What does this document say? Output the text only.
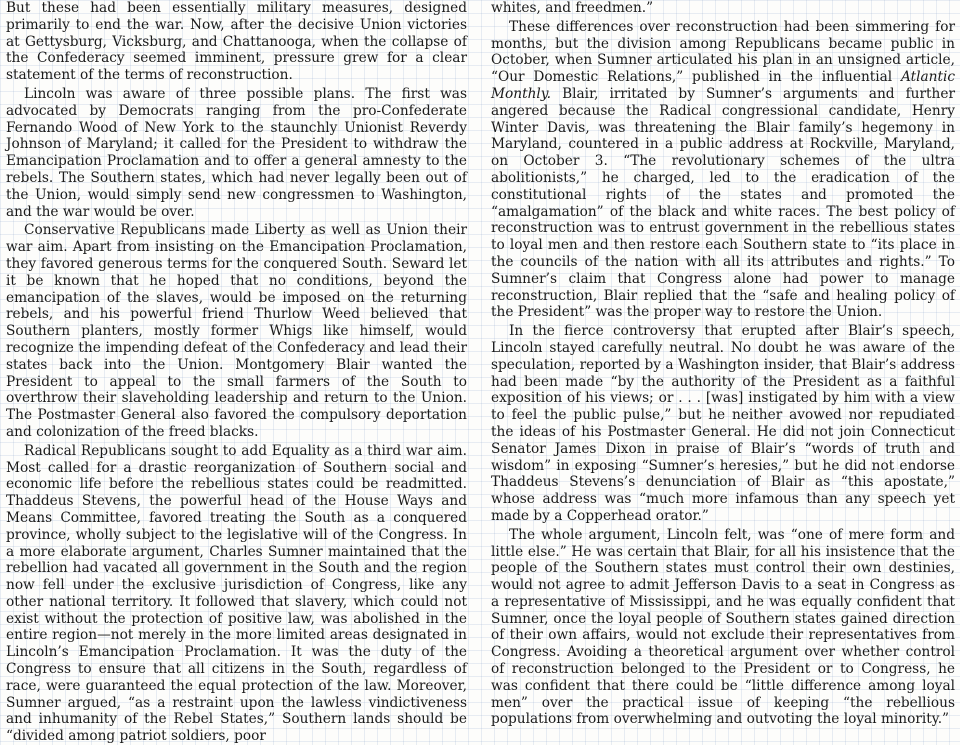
But these had been essentially military measures, designed primarily to end the war. Now, after the decisive Union victories at Gettysburg, Vicksburg, and Chattanooga, when the collapse of the Confederacy seemed imminent, pressure grew for a clear statement of the terms of reconstruction.

Lincoln was aware of three possible plans. The first was advocated by Democrats ranging from the pro-Confederate Fernando Wood of New York to the staunchly Unionist Reverdy Johnson of Maryland; it called for the President to withdraw the Emancipation Proclamation and to offer a general amnesty to the rebels. The Southern states, which had never legally been out of the Union, would simply send new congressmen to Washington, and the war would be over.

Conservative Republicans made Liberty as well as Union their war aim. Apart from insisting on the Emancipation Proclamation, they favored generous terms for the conquered South. Seward let it be known that he hoped that no conditions, beyond the emancipation of the slaves, would be imposed on the returning rebels, and his powerful friend Thurlow Weed believed that Southern planters, mostly former Whigs like himself, would recognize the impending defeat of the Confederacy and lead their states back into the Union. Montgomery Blair wanted the President to appeal to the small farmers of the South to overthrow their slaveholding leadership and return to the Union. The Postmaster General also favored the compulsory deportation and colonization of the freed blacks.

Radical Republicans sought to add Equality as a third war aim. Most called for a drastic reorganization of Southern social and economic life before the rebellious states could be readmitted. Thaddeus Stevens, the powerful head of the House Ways and Means Committee, favored treating the South as a conquered province, wholly subject to the legislative will of the Congress. In a more elaborate argument, Charles Sumner maintained that the rebellion had vacated all government in the South and the region now fell under the exclusive jurisdiction of Congress, like any other national territory. It followed that slavery, which could not exist without the protection of positive law, was abolished in the entire region—not merely in the more limited areas designated in Lincoln’s Emancipation Proclamation. It was the duty of the Congress to ensure that all citizens in the South, regardless of race, were guaranteed the equal protection of the law. Moreover, Sumner argued, “as a restraint upon the lawless vindictiveness and inhumanity of the Rebel States,” Southern lands should be “divided among patriot soldiers, poor

whites, and freedmen.”

These differences over reconstruction had been simmering for months, but the division among Republicans became public in October, when Sumner articulated his plan in an unsigned article, “Our Domestic Relations,” published in the influential Atlantic Monthly. Blair, irritated by Sumner’s arguments and further angered because the Radical congressional candidate, Henry Winter Davis, was threatening the Blair family’s hegemony in Maryland, countered in a public address at Rockville, Maryland, on October 3. “The revolutionary schemes of the ultra abolitionists,” he charged, led to the eradication of the constitutional rights of the states and promoted the “amalgamation” of the black and white races. The best policy of reconstruction was to entrust government in the rebellious states to loyal men and then restore each Southern state to “its place in the councils of the nation with all its attributes and rights.” To Sumner’s claim that Congress alone had power to manage reconstruction, Blair replied that the “safe and healing policy of the President” was the proper way to restore the Union.

In the fierce controversy that erupted after Blair’s speech, Lincoln stayed carefully neutral. No doubt he was aware of the speculation, reported by a Washington insider, that Blair’s address had been made “by the authority of the President as a faithful exposition of his views; or . . . [was] instigated by him with a view to feel the public pulse,” but he neither avowed nor repudiated the ideas of his Postmaster General. He did not join Connecticut Senator James Dixon in praise of Blair’s “words of truth and wisdom” in exposing “Sumner’s heresies,” but he did not endorse Thaddeus Stevens’s denunciation of Blair as “this apostate,” whose address was “much more infamous than any speech yet made by a Copperhead orator.”

The whole argument, Lincoln felt, was “one of mere form and little else.” He was certain that Blair, for all his insistence that the people of the Southern states must control their own destinies, would not agree to admit Jefferson Davis to a seat in Congress as a representative of Mississippi, and he was equally confident that Sumner, once the loyal people of Southern states gained direction of their own affairs, would not exclude their representatives from Congress. Avoiding a theoretical argument over whether control of reconstruction belonged to the President or to Congress, he was confident that there could be “little difference among loyal men” over the practical issue of keeping “the rebellious populations from overwhelming and outvoting the loyal minority.”
